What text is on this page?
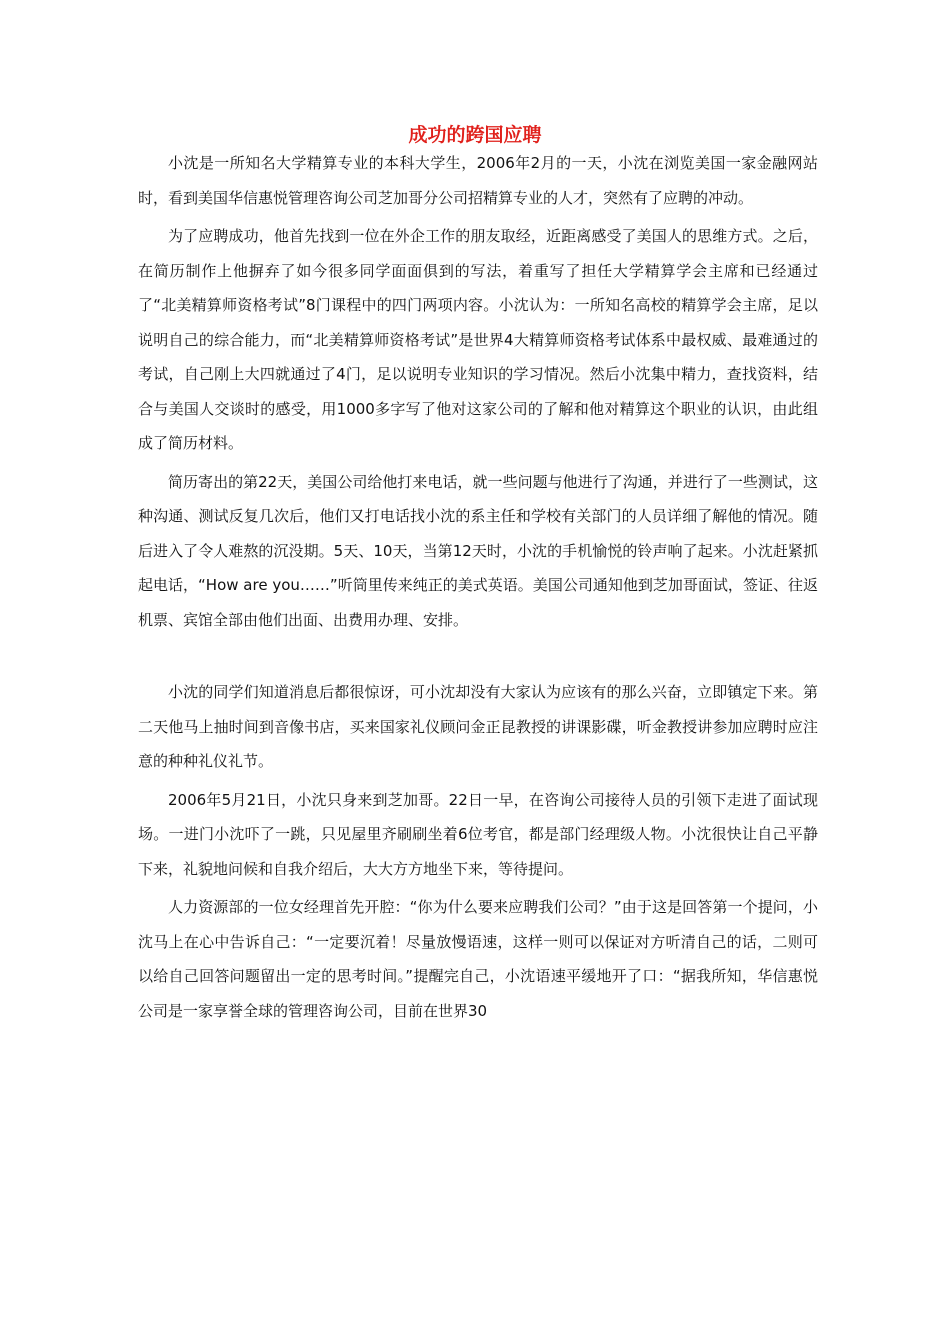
成功的跨国应聘

小沈是一所知名大学精算专业的本科大学生，2006年2月的一天，小沈在浏览美国一家金融网站时，看到美国华信惠悦管理咨询公司芝加哥分公司招精算专业的人才，突然有了应聘的冲动。

为了应聘成功，他首先找到一位在外企工作的朋友取经，近距离感受了美国人的思维方式。之后，在简历制作上他摒弃了如今很多同学面面俱到的写法，着重写了担任大学精算学会主席和已经通过了“北美精算师资格考试”8门课程中的四门两项内容。小沈认为：一所知名高校的精算学会主席，足以说明自己的综合能力，而“北美精算师资格考试”是世界4大精算师资格考试体系中最权威、最难通过的考试，自己刚上大四就通过了4门，足以说明专业知识的学习情况。然后小沈集中精力，查找资料，结合与美国人交谈时的感受，用1000多字写了他对这家公司的了解和他对精算这个职业的认识，由此组成了简历材料。

简历寄出的第22天，美国公司给他打来电话，就一些问题与他进行了沟通，并进行了一些测试，这种沟通、测试反复几次后，他们又打电话找小沈的系主任和学校有关部门的人员详细了解他的情况。随后进入了令人难熬的沉没期。5天、10天，当第12天时，小沈的手机愉悦的铃声响了起来。小沈赶紧抓起电话，“How are you……”听筒里传来纯正的美式英语。美国公司通知他到芝加哥面试，签证、往返机票、宾馆全部由他们出面、出费用办理、安排。

小沈的同学们知道消息后都很惊讶，可小沈却没有大家认为应该有的那么兴奋，立即镇定下来。第二天他马上抽时间到音像书店，买来国家礼仪顾问金正昆教授的讲课影碟，听金教授讲参加应聘时应注意的种种礼仪礼节。

2006年5月21日，小沈只身来到芝加哥。22日一早，在咨询公司接待人员的引领下走进了面试现场。一进门小沈吓了一跳，只见屋里齐刷刷坐着6位考官，都是部门经理级人物。小沈很快让自己平静下来，礼貌地问候和自我介绍后，大大方方地坐下来，等待提问。

人力资源部的一位女经理首先开腔：“你为什么要来应聘我们公司？”由于这是回答第一个提问，小沈马上在心中告诉自己：“一定要沉着！尽量放慢语速，这样一则可以保证对方听清自己的话，二则可以给自己回答问题留出一定的思考时间。”提醒完自己，小沈语速平缓地开了口：“据我所知，华信惠悦公司是一家享誉全球的管理咨询公司，目前在世界30
